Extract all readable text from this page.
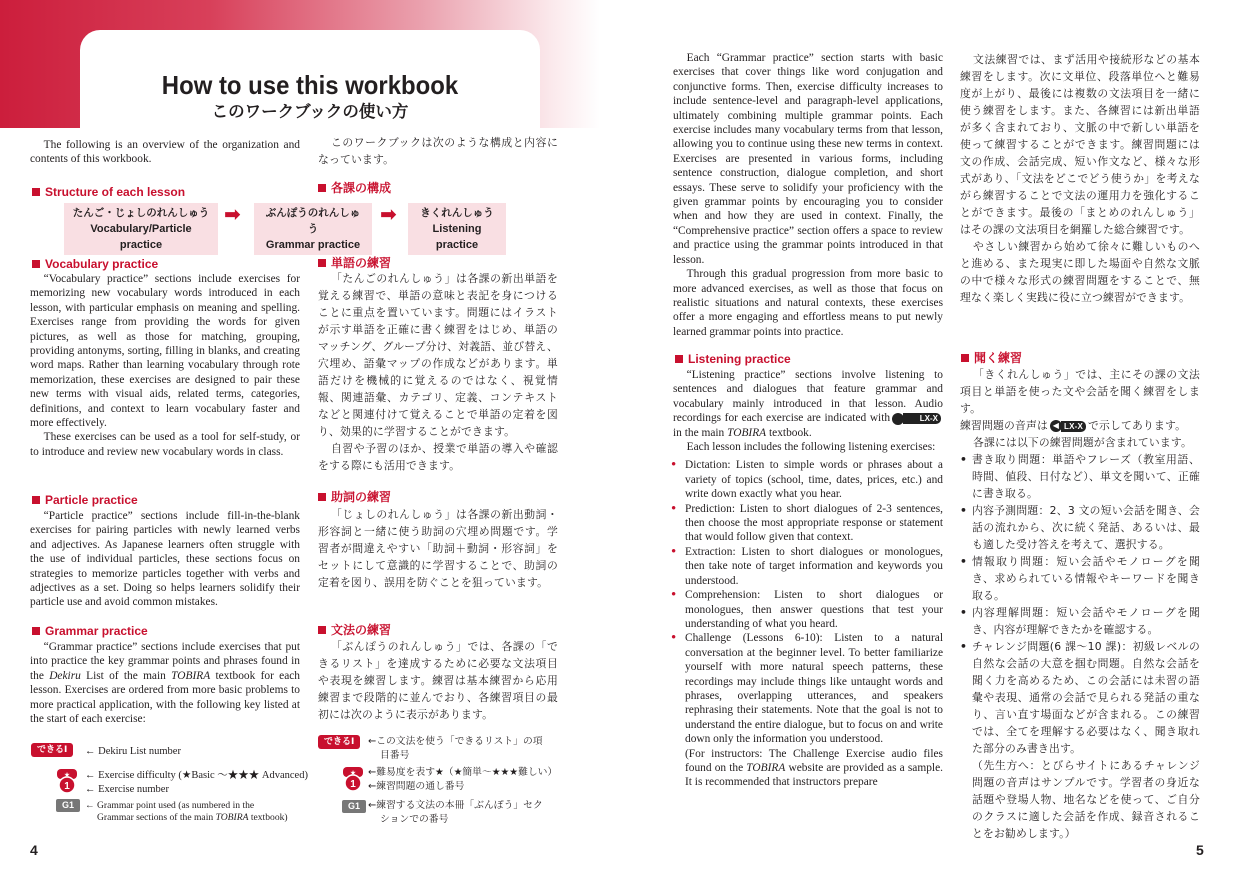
How to use this workbook
このワークブックの使い方

The following is an overview of the organization and contents of this workbook.

このワークブックは次のような構成と内容になっています。

Structure of each lesson	各課の構成
たんご・じょしのれんしゅう
Vocabulary/Particle practice
➡	ぶんぽうのれんしゅう
Grammar practice
➡	きくれんしゅう
Listening practice
Vocabulary practice

“Vocabulary practice” sections include exercises for memorizing new vocabulary words introduced in each lesson, with particular emphasis on meaning and spelling. Exercises range from providing the words for given pictures, as well as those for matching, grouping, providing antonyms, sorting, filling in blanks, and creating word maps. Rather than learning vocabulary through rote memorization, these exercises are designed to pair these new terms with visual aids, related terms, categories, definitions, and context to learn vocabulary faster and more effectively.

These exercises can be used as a tool for self-study, or to introduce and review new vocabulary words in class.

単語の練習

「たんごのれんしゅう」は各課の新出単語を覚える練習で、単語の意味と表記を身につけることに重点を置いています。問題にはイラストが示す単語を正確に書く練習をはじめ、単語のマッチング、グループ分け、対義語、並び替え、穴埋め、語彙マップの作成などがあります。単語だけを機械的に覚えるのではなく、視覚情報、関連語彙、カテゴリ、定義、コンテキストなどと関連付けて覚えることで単語の定着を図り、効果的に学習することができます。

自習や予習のほか、授業で単語の導入や確認をする際にも活用できます。

Particle practice

“Particle practice” sections include fill-in-the-blank exercises for pairing particles with newly learned verbs and adjectives. As Japanese learners often struggle with the use of individual particles, these sections focus on strategies to memorize particles together with verbs and adjectives as a set. Doing so helps learners solidify their particle use and avoid common mistakes.

助詞の練習

「じょしのれんしゅう」は各課の新出動詞・形容詞と一緒に使う助詞の穴埋め問題です。学習者が間違えやすい「助詞＋動詞・形容詞」をセットにして意識的に学習することで、助詞の定着を図り、誤用を防ぐことを狙っています。

Grammar practice

“Grammar practice” sections include exercises that put into practice the key grammar points and phrases found in the Dekiru List of the main TOBIRA textbook for each lesson. Exercises are ordered from more basic problems to more practical application, with the following key listed at the start of each exercise:

文法の練習

「ぶんぽうのれんしゅう」では、各課の「できるリスト」を達成するために必要な文法項目や表現を練習します。練習は基本練習から応用練習まで段階的に並んでおり、各練習項目の最初には次のように表示があります。

できるⅠ	← Dekiru List number
★
1
← Exercise difficulty (★Basic 〜★★★ Advanced)
← Exercise number
G1	← Grammar point used (as numbered in the
Grammar sections of the main TOBIRA textbook)
できるⅠ	←この文法を使う「できるリスト」の項
目番号
★
1
←難易度を表す★（★簡単〜★★★難しい）
←練習問題の通し番号
G1 ←練習する文法の本冊「ぶんぽう」セク
ションでの番号

Each “Grammar practice” section starts with basic exercises that cover things like word conjugation and conjunctive forms. Then, exercise difficulty increases to include sentence-level and paragraph-level applications, ultimately combining multiple grammar points. Each exercise includes many vocabulary terms from that lesson, allowing you to continue using these new terms in context. Exercises are presented in various forms, including sentence construction, dialogue completion, and short essays. These serve to solidify your proficiency with the given grammar points by encouraging you to consider when and how they are used in context. Finally, the “Comprehensive practice” section offers a space to review and practice using the grammar points introduced in that lesson.

Through this gradual progression from more basic to more advanced exercises, as well as those that focus on realistic situations and natural contexts, these exercises offer a more engaging and effortless means to put newly learned grammar points into practice.

文法練習では、まず活用や接続形などの基本練習をします。次に文単位、段落単位へと難易度が上がり、最後には複数の文法項目を一緒に使う練習をします。また、各練習には新出単語が多く含まれており、文脈の中で新しい単語を使って練習することができます。練習問題には文の作成、会話完成、短い作文など、様々な形式があり、「文法をどこでどう使うか」を考えながら練習することで文法の運用力を強化することができます。最後の「まとめのれんしゅう」はその課の文法項目を網羅した総合練習です。

やさしい練習から始めて徐々に難しいものへと進める、また現実に即した場面や自然な文脈の中で様々な形式の練習問題をすることで、無理なく楽しく実践に役に立つ練習ができます。

Listening practice

“Listening practice” sections involve listening to sentences and dialogues that feature grammar and vocabulary mainly introduced in that lesson. Audio recordings for each exercise are indicated with	LX-X
in the main TOBIRA textbook.

Each lesson includes the following listening exercises:

• Dictation: Listen to simple words or phrases about a variety of topics (school, time, dates, prices, etc.) and write down exactly what you hear.
• Prediction: Listen to short dialogues of 2-3 sentences, then choose the most appropriate response or statement that would follow given that context.
• Extraction: Listen to short dialogues or monologues, then take note of target information and keywords you understood.
• Comprehension: Listen to short dialogues or monologues, then answer questions that test your understanding of what you heard.
• Challenge (Lessons 6-10): Listen to a natural conversation at the beginner level. To better familiarize yourself with more natural speech patterns, these recordings may include things like untaught words and phrases, overlapping utterances, and speakers rephrasing their statements. Note that the goal is not to understand the entire dialogue, but to focus on and write down only the information you understood.
(For instructors: The Challenge Exercise audio files found on the TOBIRA website are provided as a sample. It is recommended that instructors prepare
聞く練習

「きくれんしゅう」では、主にその課の文法項目と単語を使った文や会話を聞く練習をします。

練習問題の音声は ◀ LX-X で示してあります。

各課には以下の練習問題が含まれています。

• 書き取り問題：単語やフレーズ（教室用語、時間、値段、日付など）、単文を聞いて、正確に書き取る。
• 内容予測問題：2、3 文の短い会話を聞き、会話の流れから、次に続く発話、あるいは、最も適した受け答えを考えて、選択する。
• 情報取り問題：短い会話やモノローグを聞き、求められている情報やキーワードを聞き取る。
• 内容理解問題：短い会話やモノローグを聞き、内容が理解できたかを確認する。
• チャレンジ問題(6 課〜10 課)：初級レベルの自然な会話の大意を掴む問題。自然な会話を聞く力を高めるため、この会話には未習の語彙や表現、通常の会話で見られる発話の重なり、言い直す場面などが含まれる。この練習では、全てを理解する必要はなく、聞き取れた部分のみ書き出す。
（先生方へ：とびらサイトにあるチャレンジ問題の音声はサンプルです。学習者の身近な話題や登場人物、地名などを使って、ご自分のクラスに適した会話を作成、録音されることをお勧めします。）
4	5
